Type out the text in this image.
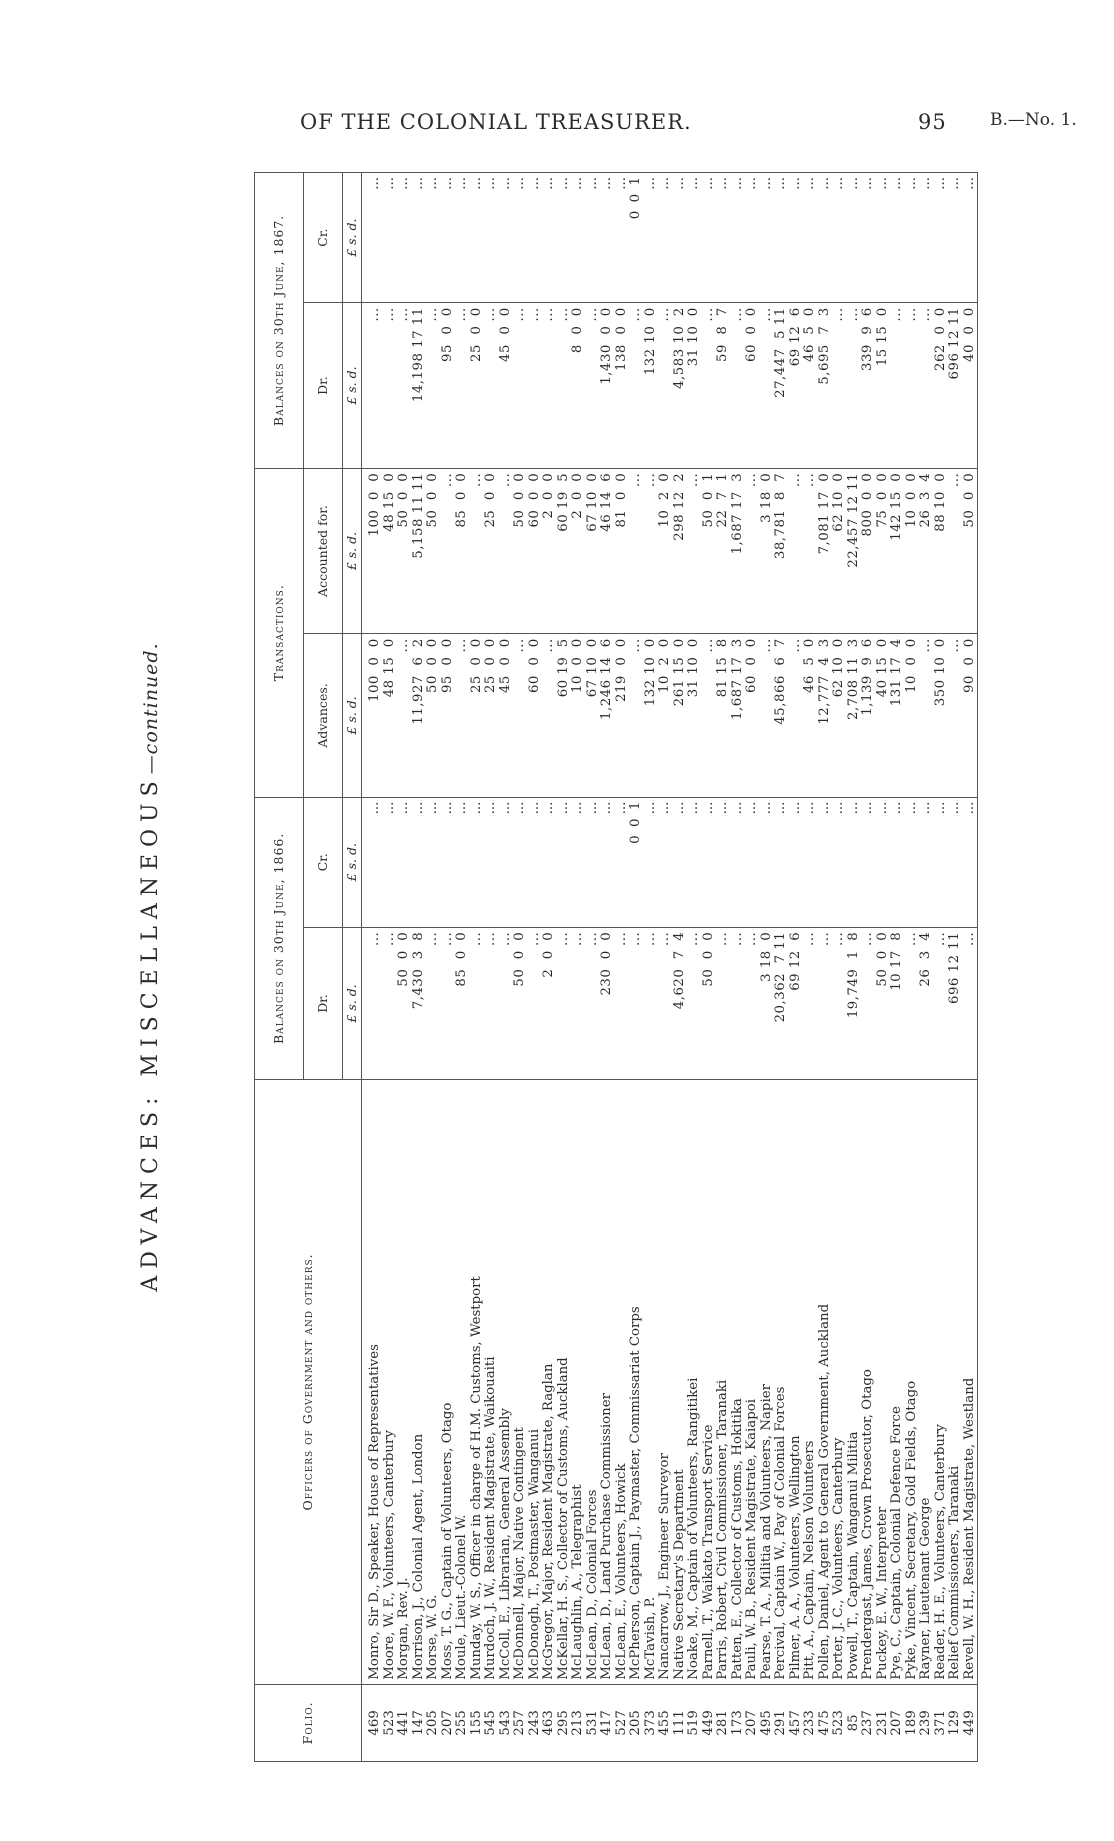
OF THE COLONIAL TREASURER.	95	B.—No. 1.
ADVANCES: MISCELLANEOUS—continued.
Folio.	Officers of Government and others.	Balances on 30th June, 1866.		Transactions.		Balances on 30th June, 1867.	
		Dr.	Cr.	Advances.	Accounted for.	Dr.	Cr.
		£ s. d.	£ s. d.	£ s. d.	£ s. d.	£ s. d.	£ s. d.
469	Monro, Sir D., Speaker, House of Representatives	...	...	100  0  0	100  0  0	...	...
523	Moore, W. F., Volunteers, Canterbury	...	...	48 15  0	48 15  0	...	...
441	Morgan, Rev. J.	50  0  0	...	...	50  0  0	...	...
147	Morrison, J., Colonial Agent, London	7,430  3  8	...	11,927  6  2	5,158 11 11	14,198 17 11	...
205	Morse, W. G.	...	...	50  0  0	50  0  0	...	...
207	Moss, T. G., Captain of Volunteers, Otago	...	...	95  0  0	...	95  0  0	...
255	Moule, Lieut.-Colonel W.	85  0  0	...	...	85  0  0	...	...
155	Munday, W. S., Officer in charge of H.M. Customs, Westport	...	...	25  0  0	...	25  0  0	...
545	Murdoch, J. W., Resident Magistrate, Waikouaiti	...	...	25  0  0	25  0  0	...	...
543	McColl, E., Librarian, General Assembly	...	...	45  0  0	...	45  0  0	...
257	McDonnell, Major, Native Contingent	50  0  0	...	...	50  0  0	...	...
243	McDonogh, T., Postmaster, Wanganui	...	...	60  0  0	60  0  0	...	...
463	McGregor, Major, Resident Magistrate, Raglan	2  0  0	...	...	2  0  0	...	...
295	McKellar, H. S., Collector of Customs, Auckland	...	...	60 19  5	60 19  5	...	...
213	McLaughlin, A., Telegraphist	...	...	10  0  0	2  0  0	8  0  0	...
531	McLean, D., Colonial Forces	...	...	67 10  0	67 10  0	...	...
417	McLean, D., Land Purchase Commissioner	230  0  0	...	1,246 14  6	46 14  6	1,430  0  0	...
527	McLean, E., Volunteers, Howick	...	...	219  0  0	81  0  0	138  0  0	...
205	McPherson, Captain J., Paymaster, Commissariat Corps	...	0  0  1	...	...	...	0  0  1
373	McTavish, P.	...	...	132 10  0	...	132 10  0	...
455	Nancarrow, J., Engineer Surveyor	...	...	10  2  0	10  2  0	...	...
111	Native Secretary's Department	4,620  7  4	...	261 15  0	298 12  2	4,583 10  2	...
519	Noake, M., Captain of Volunteers, Rangitikei	...	...	31 10  0	...	31 10  0	...
449	Parnell, T., Waikato Transport Service	50  0  0	...	...	50  0  1	...	...
281	Parris, Robert, Civil Commissioner, Taranaki	...	...	81 15  8	22  7  1	59  8  7	...
173	Patten, E., Collector of Customs, Hokitika	...	...	1,687 17  3	1,687 17  3	...	...
207	Pauli, W. B., Resident Magistrate, Kaiapoi	...	...	60  0  0	...	60  0  0	...
495	Pearse, T. A., Militia and Volunteers, Napier	3 18  0	...	...	3 18  0	...	...
291	Percival, Captain W., Pay of Colonial Forces	20,362  7 11	...	45,866  6  7	38,781  8  7	27,447  5 11	...
457	Pilmer, A. A., Volunteers, Wellington	69 12  6	...	...	...	69 12  6	...
233	Pitt, A., Captain, Nelson Volunteers	...	...	46  5  0	...	46  5  0	...
475	Pollen, Daniel, Agent to General Government, Auckland	...	...	12,777  4  3	7,081 17  0	5,695  7  3	...
523	Porter, J. C., Volunteers, Canterbury	...	...	62 10  0	62 10  0	...	...
85	Powell, T., Captain, Wanganui Militia	19,749  1  8	...	2,708 11  3	22,457 12 11	...	...
237	Prendergast, James, Crown Prosecutor, Otago	...	...	1,139  9  6	800  0  0	339  9  6	...
231	Puckey, E. W., Interpreter	50  0  0	...	40 15  0	75  0  0	15 15  0	...
207	Pye, C., Captain, Colonial Defence Force	10 17  8	...	131 17  4	142 15  0	...	...
189	Pyke, Vincent, Secretary, Gold Fields, Otago	...	...	10  0  0	10  0  0	...	...
239	Rayner, Lieutenant George	26  3  4	...	...	26  3  4	...	...
371	Reader, H. E., Volunteers, Canterbury	...	...	350 10  0	88 10  0	262  0  0	...
129	Relief Commissioners, Taranaki	696 12 11	...	...	...	696 12 11	...
449	Revell, W. H., Resident Magistrate, Westland	...	...	90  0  0	50  0  0	40  0  0	...
